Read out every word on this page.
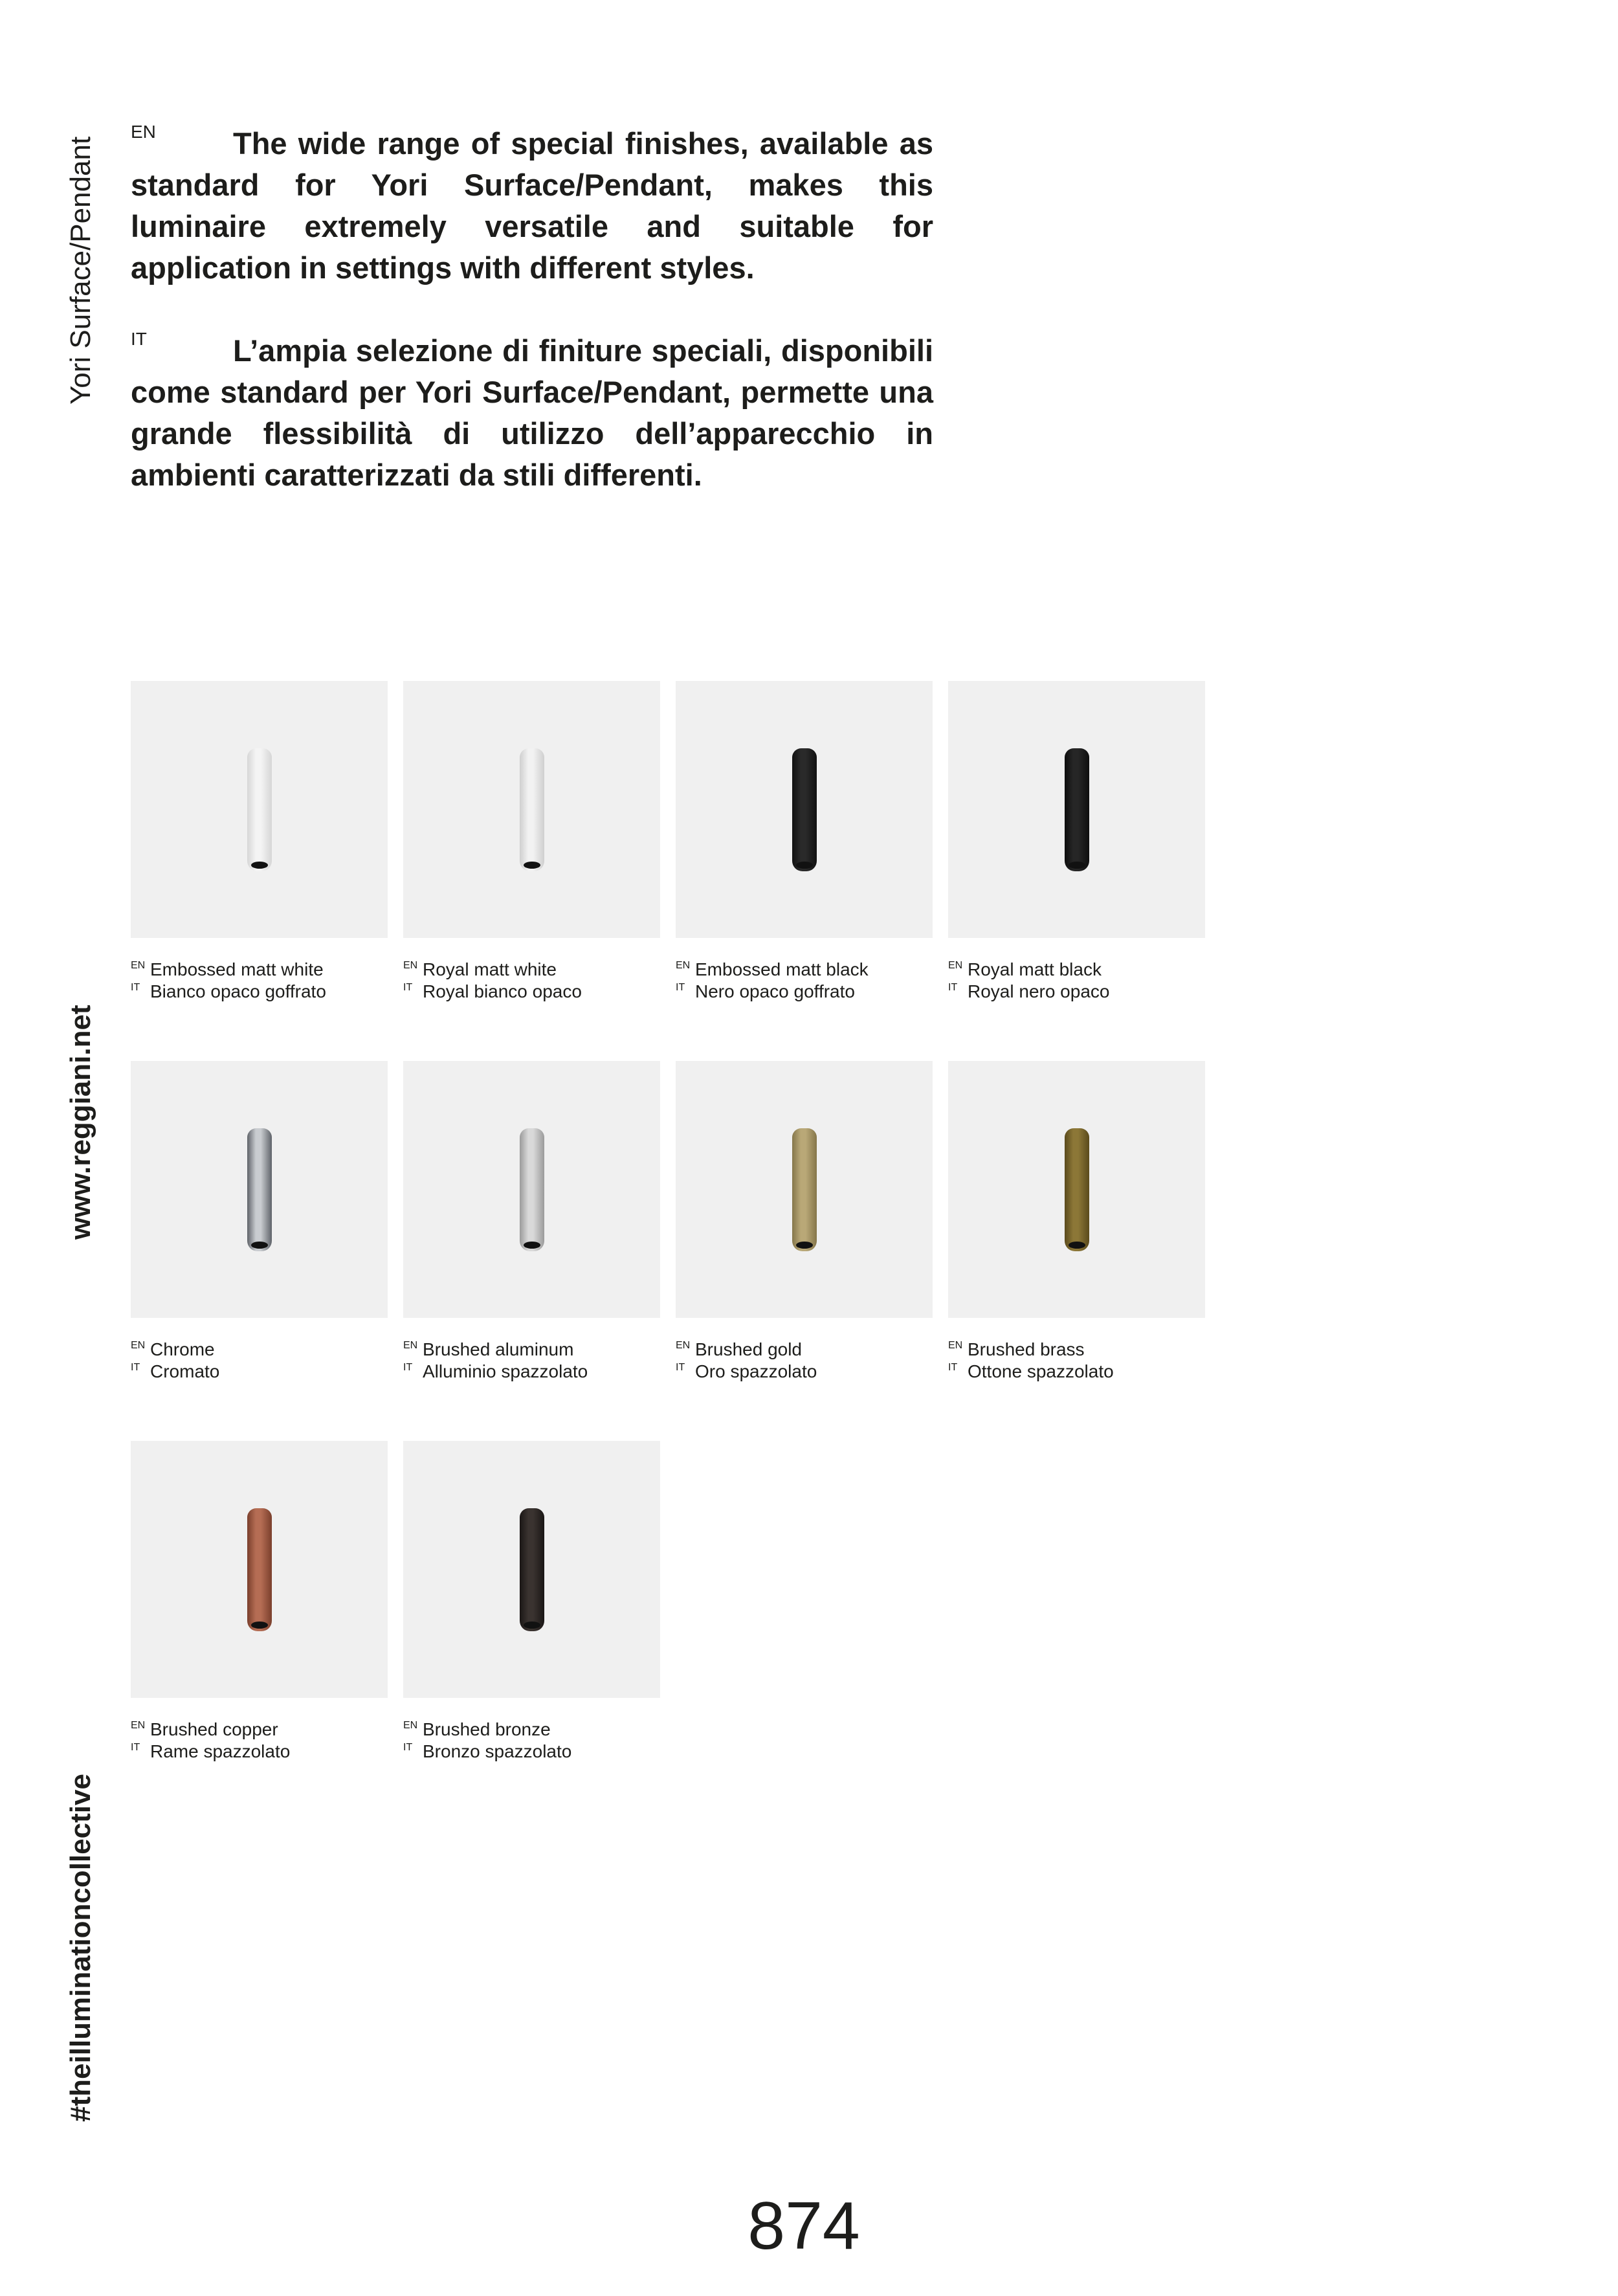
Yori Surface/Pendant
www.reggiani.net
#theilluminationcollective
EN	The wide range of special finishes, available as standard for Yori Surface/Pendant, makes this luminaire extremely versatile and suitable for application in settings with different styles.

IT	L’ampia selezione di finiture speciali, disponibili come standard per Yori Surface/Pendant, permette una grande flessibilità di utilizzo dell’apparecchio in ambienti caratterizzati da stili differenti.

EN Embossed matt white
IT Bianco opaco goffrato
EN Royal matt white
IT Royal bianco opaco
EN Embossed matt black
IT Nero opaco goffrato
EN Royal matt black
IT Royal nero opaco
EN Chrome
IT Cromato
EN Brushed aluminum
IT Alluminio spazzolato
EN Brushed gold
IT Oro spazzolato
EN Brushed brass
IT Ottone spazzolato
EN Brushed copper
IT Rame spazzolato
EN Brushed bronze
IT Bronzo spazzolato
874
